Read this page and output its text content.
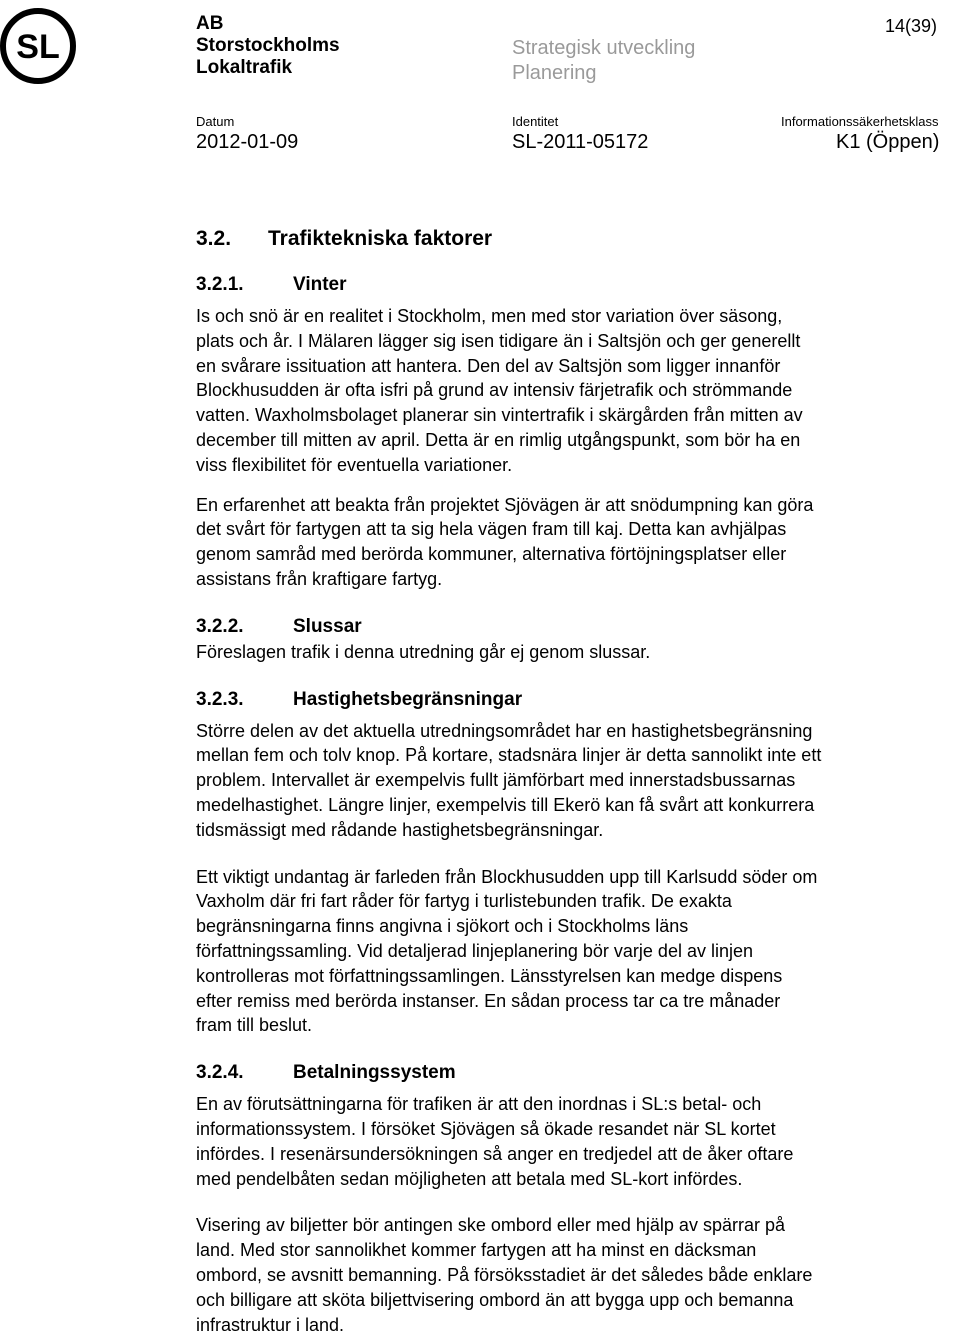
SL
AB
Storstockholms
Lokaltrafik
Strategisk utveckling
Planering
14(39)
Datum
2012-01-09
Identitet
SL-2011-05172
Informationssäkerhetsklass
K1 (Öppen)
3.2. Trafiktekniska faktorer
3.2.1.	Vinter

Is och snö är en realitet i Stockholm, men med stor variation över säsong,
plats och år. I Mälaren lägger sig isen tidigare än i Saltsjön och ger generellt
en svårare issituation att hantera. Den del av Saltsjön som ligger innanför
Blockhusudden är ofta isfri på grund av intensiv färjetrafik och strömmande
vatten. Waxholmsbolaget planerar sin vintertrafik i skärgården från mitten av
december till mitten av april. Detta är en rimlig utgångspunkt, som bör ha en
viss flexibilitet för eventuella variationer.

En erfarenhet att beakta från projektet Sjövägen är att snödumpning kan göra
det svårt för fartygen att ta sig hela vägen fram till kaj. Detta kan avhjälpas
genom samråd med berörda kommuner, alternativa förtöjningsplatser eller
assistans från kraftigare fartyg.

3.2.2.	Slussar

Föreslagen trafik i denna utredning går ej genom slussar.

3.2.3.	Hastighetsbegränsningar

Större delen av det aktuella utredningsområdet har en hastighetsbegränsning
mellan fem och tolv knop. På kortare, stadsnära linjer är detta sannolikt inte ett
problem. Intervallet är exempelvis fullt jämförbart med innerstadsbussarnas
medelhastighet. Längre linjer, exempelvis till Ekerö kan få svårt att konkurrera
tidsmässigt med rådande hastighetsbegränsningar.

Ett viktigt undantag är farleden från Blockhusudden upp till Karlsudd söder om
Vaxholm där fri fart råder för fartyg i turlistebunden trafik. De exakta
begränsningarna finns angivna i sjökort och i Stockholms läns
författningssamling. Vid detaljerad linjeplanering bör varje del av linjen
kontrolleras mot författningssamlingen. Länsstyrelsen kan medge dispens
efter remiss med berörda instanser. En sådan process tar ca tre månader
fram till beslut.

3.2.4.	Betalningssystem

En av förutsättningarna för trafiken är att den inordnas i SL:s betal- och
informationssystem. I försöket Sjövägen så ökade resandet när SL kortet
infördes. I resenärsundersökningen så anger en tredjedel att de åker oftare
med pendelbåten sedan möjligheten att betala med SL-kort infördes.

Visering av biljetter bör antingen ske ombord eller med hjälp av spärrar på
land. Med stor sannolikhet kommer fartygen att ha minst en däcksman
ombord, se avsnitt bemanning. På försöksstadiet är det således både enklare
och billigare att sköta biljettvisering ombord än att bygga upp och bemanna
infrastruktur i land.
